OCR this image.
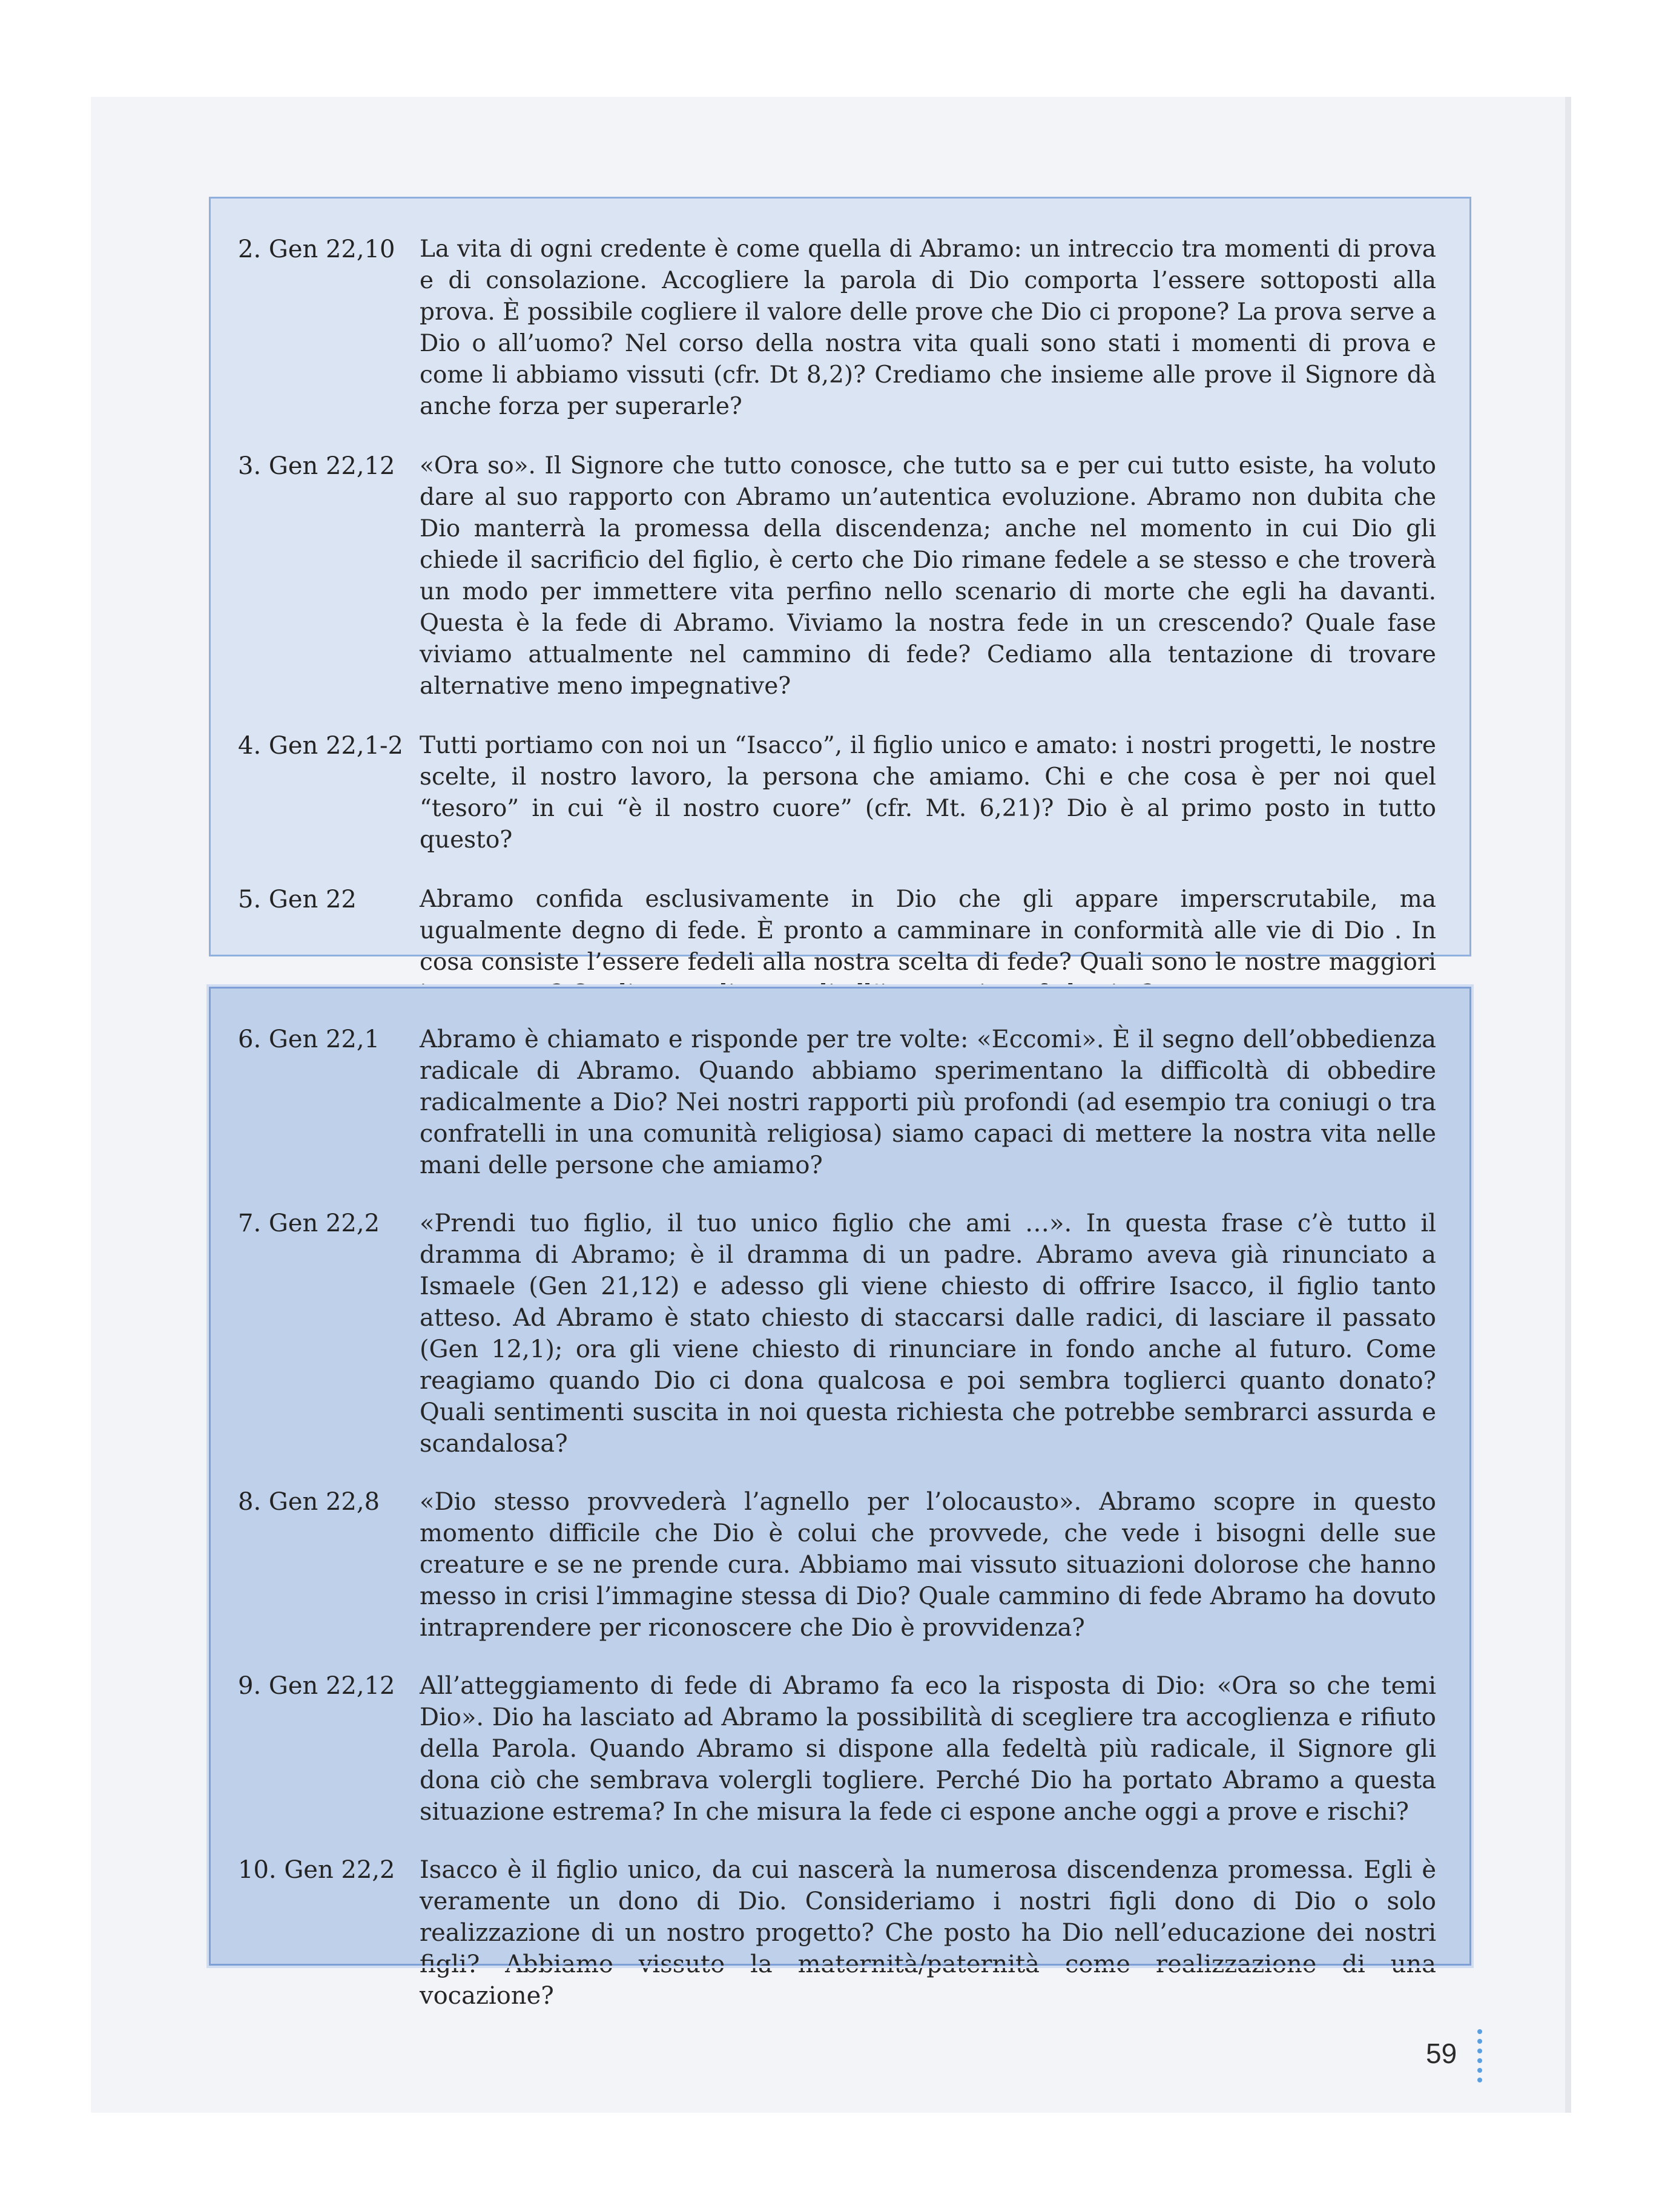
2. Gen 22,10	La vita di ogni credente è come quella di Abramo: un intreccio tra momenti di prova e di consolazione. Accogliere la parola di Dio comporta l’essere sottoposti alla prova. È possibile cogliere il valore delle prove che Dio ci propone? La prova serve a Dio o all’uomo? Nel corso della nostra vita quali sono stati i momenti di prova e come li abbiamo vissuti (cfr. Dt 8,2)? Crediamo che insieme alle prove il Signore dà anche forza per superarle?
3. Gen 22,12	«Ora so». Il Signore che tutto conosce, che tutto sa e per cui tutto esiste, ha voluto dare al suo rapporto con Abramo un’autentica evoluzione. Abramo non dubita che Dio manterrà la promessa della discendenza; anche nel momento in cui Dio gli chiede il sacrificio del figlio, è certo che Dio rimane fedele a se stesso e che troverà un modo per immettere vita perfino nello scenario di morte che egli ha davanti. Questa è la fede di Abramo. Viviamo la nostra fede in un crescendo? Quale fase viviamo attualmente nel cammino di fede? Cediamo alla tentazione di trovare alternative meno impegnative?
4. Gen 22,1-2 Tutti portiamo con noi un “Isacco”, il figlio unico e amato: i nostri progetti, le nostre scelte, il nostro lavoro, la persona che amiamo. Chi e che cosa è per noi quel “tesoro” in cui “è il nostro cuore” (cfr. Mt. 6,21)? Dio è al primo posto in tutto questo?
5. Gen 22	Abramo confida esclusivamente in Dio che gli appare imperscrutabile, ma ugualmente degno di fede. È pronto a camminare in conformità alle vie di Dio . In cosa consiste l’essere fedeli alla nostra scelta di fede? Quali sono le nostre maggiori
6. Gen 22,1	Abramo è chiamato e risponde per tre volte: «Eccomi». È il segno dell’obbedienza radicale di Abramo. Quando abbiamo sperimentano la difficoltà di obbedire radicalmente a Dio? Nei nostri rapporti più profondi (ad esempio tra coniugi o tra confratelli in una comunità religiosa) siamo capaci di mettere la nostra vita nelle mani delle persone che amiamo?
7. Gen 22,2	«Prendi tuo figlio, il tuo unico figlio che ami …». In questa frase c’è tutto il dramma di Abramo; è il dramma di un padre. Abramo aveva già rinunciato a Ismaele (Gen 21,12) e adesso gli viene chiesto di offrire Isacco, il figlio tanto atteso. Ad Abramo è stato chiesto di staccarsi dalle radici, di lasciare il passato (Gen 12,1); ora gli viene chiesto di rinunciare in fondo anche al futuro. Come reagiamo quando Dio ci dona qualcosa e poi sembra toglierci quanto donato? Quali sentimenti suscita in noi questa richiesta che potrebbe sembrarci assurda e scandalosa?
8. Gen 22,8	«Dio stesso provvederà l’agnello per l’olocausto». Abramo scopre in questo momento difficile che Dio è colui che provvede, che vede i bisogni delle sue creature e se ne prende cura. Abbiamo mai vissuto situazioni dolorose che hanno messo in crisi l’immagine stessa di Dio? Quale cammino di fede Abramo ha dovuto intraprendere per riconoscere che Dio è provvidenza?
9. Gen 22,12	All’atteggiamento di fede di Abramo fa eco la risposta di Dio: «Ora so che temi Dio». Dio ha lasciato ad Abramo la possibilità di scegliere tra accoglienza e rifiuto della Parola. Quando Abramo si dispone alla fedeltà più radicale, il Signore gli dona ciò che sembrava volergli togliere. Perché Dio ha portato Abramo a questa situazione estrema? In che misura la fede ci espone anche oggi a prove e rischi?
10. Gen 22,2	Isacco è il figlio unico, da cui nascerà la numerosa discendenza promessa. Egli è veramente un dono di Dio. Consideriamo i nostri figli dono di Dio o solo realizzazione di un nostro progetto? Che posto ha Dio nell’educazione dei nostri figli? Abbiamo vissuto la maternità/paternità come realizzazione di una vocazione?
59
